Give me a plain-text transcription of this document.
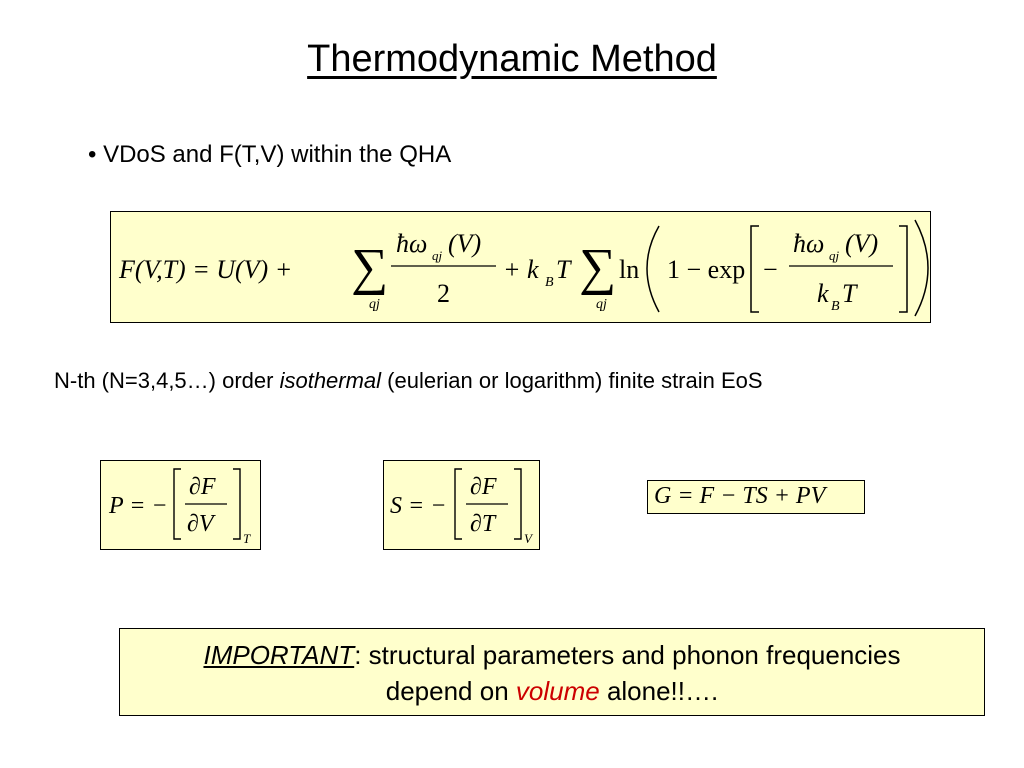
Thermodynamic Method
• VDoS and F(T,V) within the QHA
F(V,T) = U(V) + ∑
qj
ħω qj (V)
2
+ k B T ∑
qj
ln 1 − exp −
ħω qj (V)
k B T
N-th (N=3,4,5…) order isothermal (eulerian or logarithm) finite strain EoS
P = −
∂F
∂V
T
S = −
∂F
∂T
V
G = F − TS + PV
IMPORTANT: structural parameters and phonon frequencies
depend on volume alone!!….
